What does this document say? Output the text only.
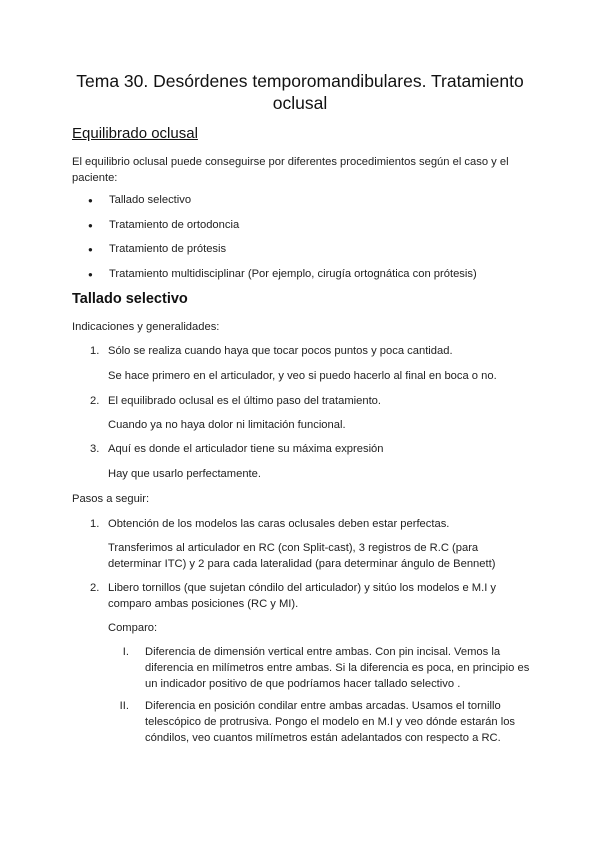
Tema 30. Desórdenes temporomandibulares. Tratamiento oclusal
Equilibrado oclusal
El equilibrio oclusal puede conseguirse por diferentes procedimientos según el caso y el paciente:
●
Tallado selectivo
●
Tratamiento de ortodoncia
●
Tratamiento de prótesis
●
Tratamiento multidisciplinar (Por ejemplo, cirugía ortognática con prótesis)
Tallado selectivo
Indicaciones y generalidades:
1. Sólo se realiza cuando haya que tocar pocos puntos y poca cantidad.
Se hace primero en el articulador, y veo si puedo hacerlo al final en boca o no.
2. El equilibrado oclusal es el último paso del tratamiento.
Cuando ya no haya dolor ni limitación funcional.
3. Aquí es donde el articulador tiene su máxima expresión
Hay que usarlo perfectamente.
Pasos a seguir:
1. Obtención de los modelos las caras oclusales deben estar perfectas.
Transferimos al articulador en RC (con Split-cast), 3 registros de R.C (para determinar ITC) y 2 para cada lateralidad (para determinar ángulo de Bennett)
2. Libero tornillos (que sujetan cóndilo del articulador) y sitúo los modelos e M.I y comparo ambas posiciones (RC y MI).
Comparo:
I. Diferencia de dimensión vertical entre ambas. Con pin incisal. Vemos la diferencia en milímetros entre ambas. Si la diferencia es poca, en principio es un indicador positivo de que podríamos hacer tallado selectivo .
II. Diferencia en posición condilar entre ambas arcadas. Usamos el tornillo telescópico de protrusiva. Pongo el modelo en M.I y veo dónde estarán los cóndilos, veo cuantos milímetros están adelantados con respecto a RC.
